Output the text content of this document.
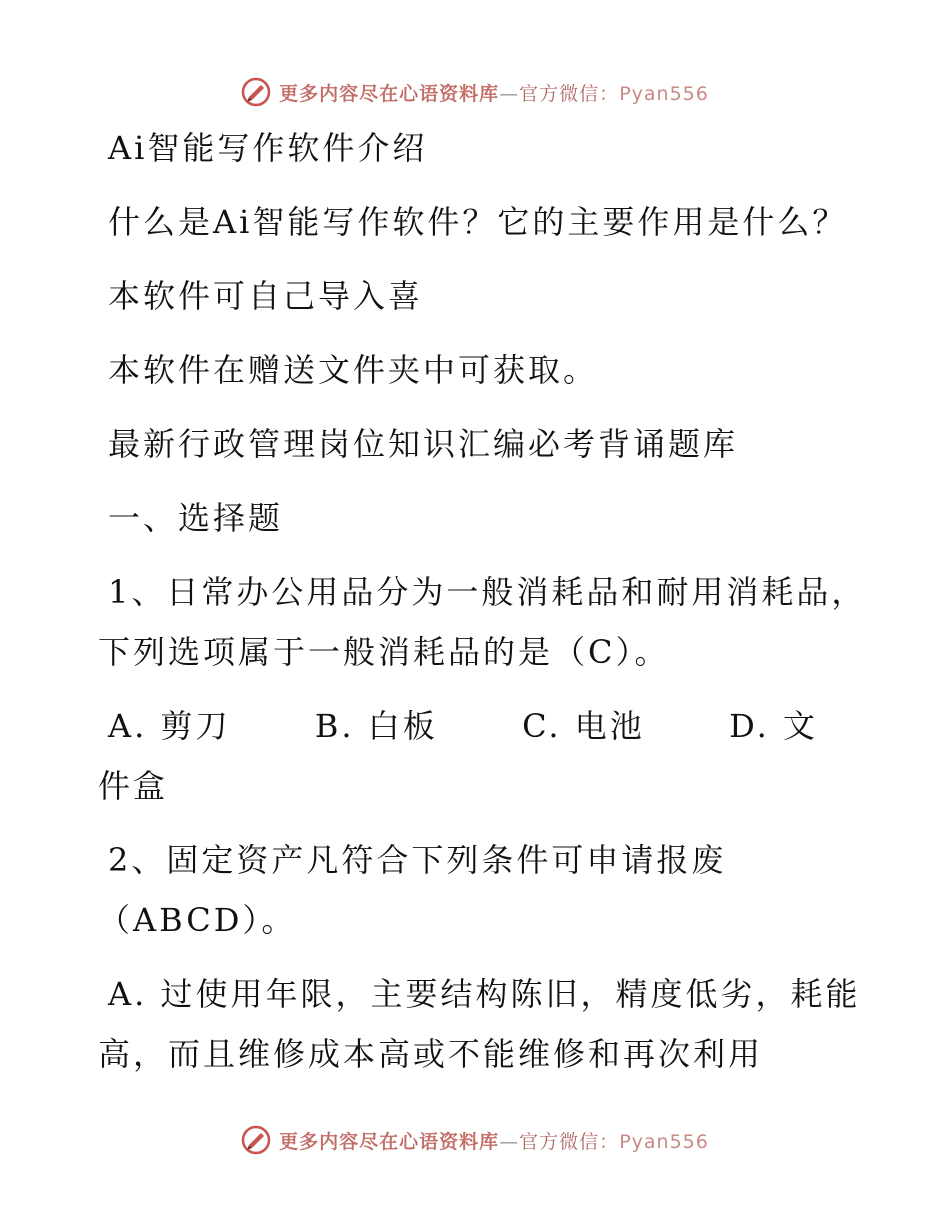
更多内容尽在心语资料库—官方微信：Pyan556
Ai智能写作软件介绍
什么是Ai智能写作软件？它的主要作用是什么？
本软件可自己导入喜
本软件在赠送文件夹中可获取。
最新行政管理岗位知识汇编必考背诵题库
一、选择题
1、日常办公用品分为一般消耗品和耐用消耗品，
下列选项属于一般消耗品的是（C）。
A. 剪刀	B. 白板	C. 电池	D. 文
件盒
2、固定资产凡符合下列条件可申请报废
（ABCD）。
A. 过使用年限，主要结构陈旧，精度低劣，耗能
高，而且维修成本高或不能维修和再次利用
更多内容尽在心语资料库—官方微信：Pyan556
